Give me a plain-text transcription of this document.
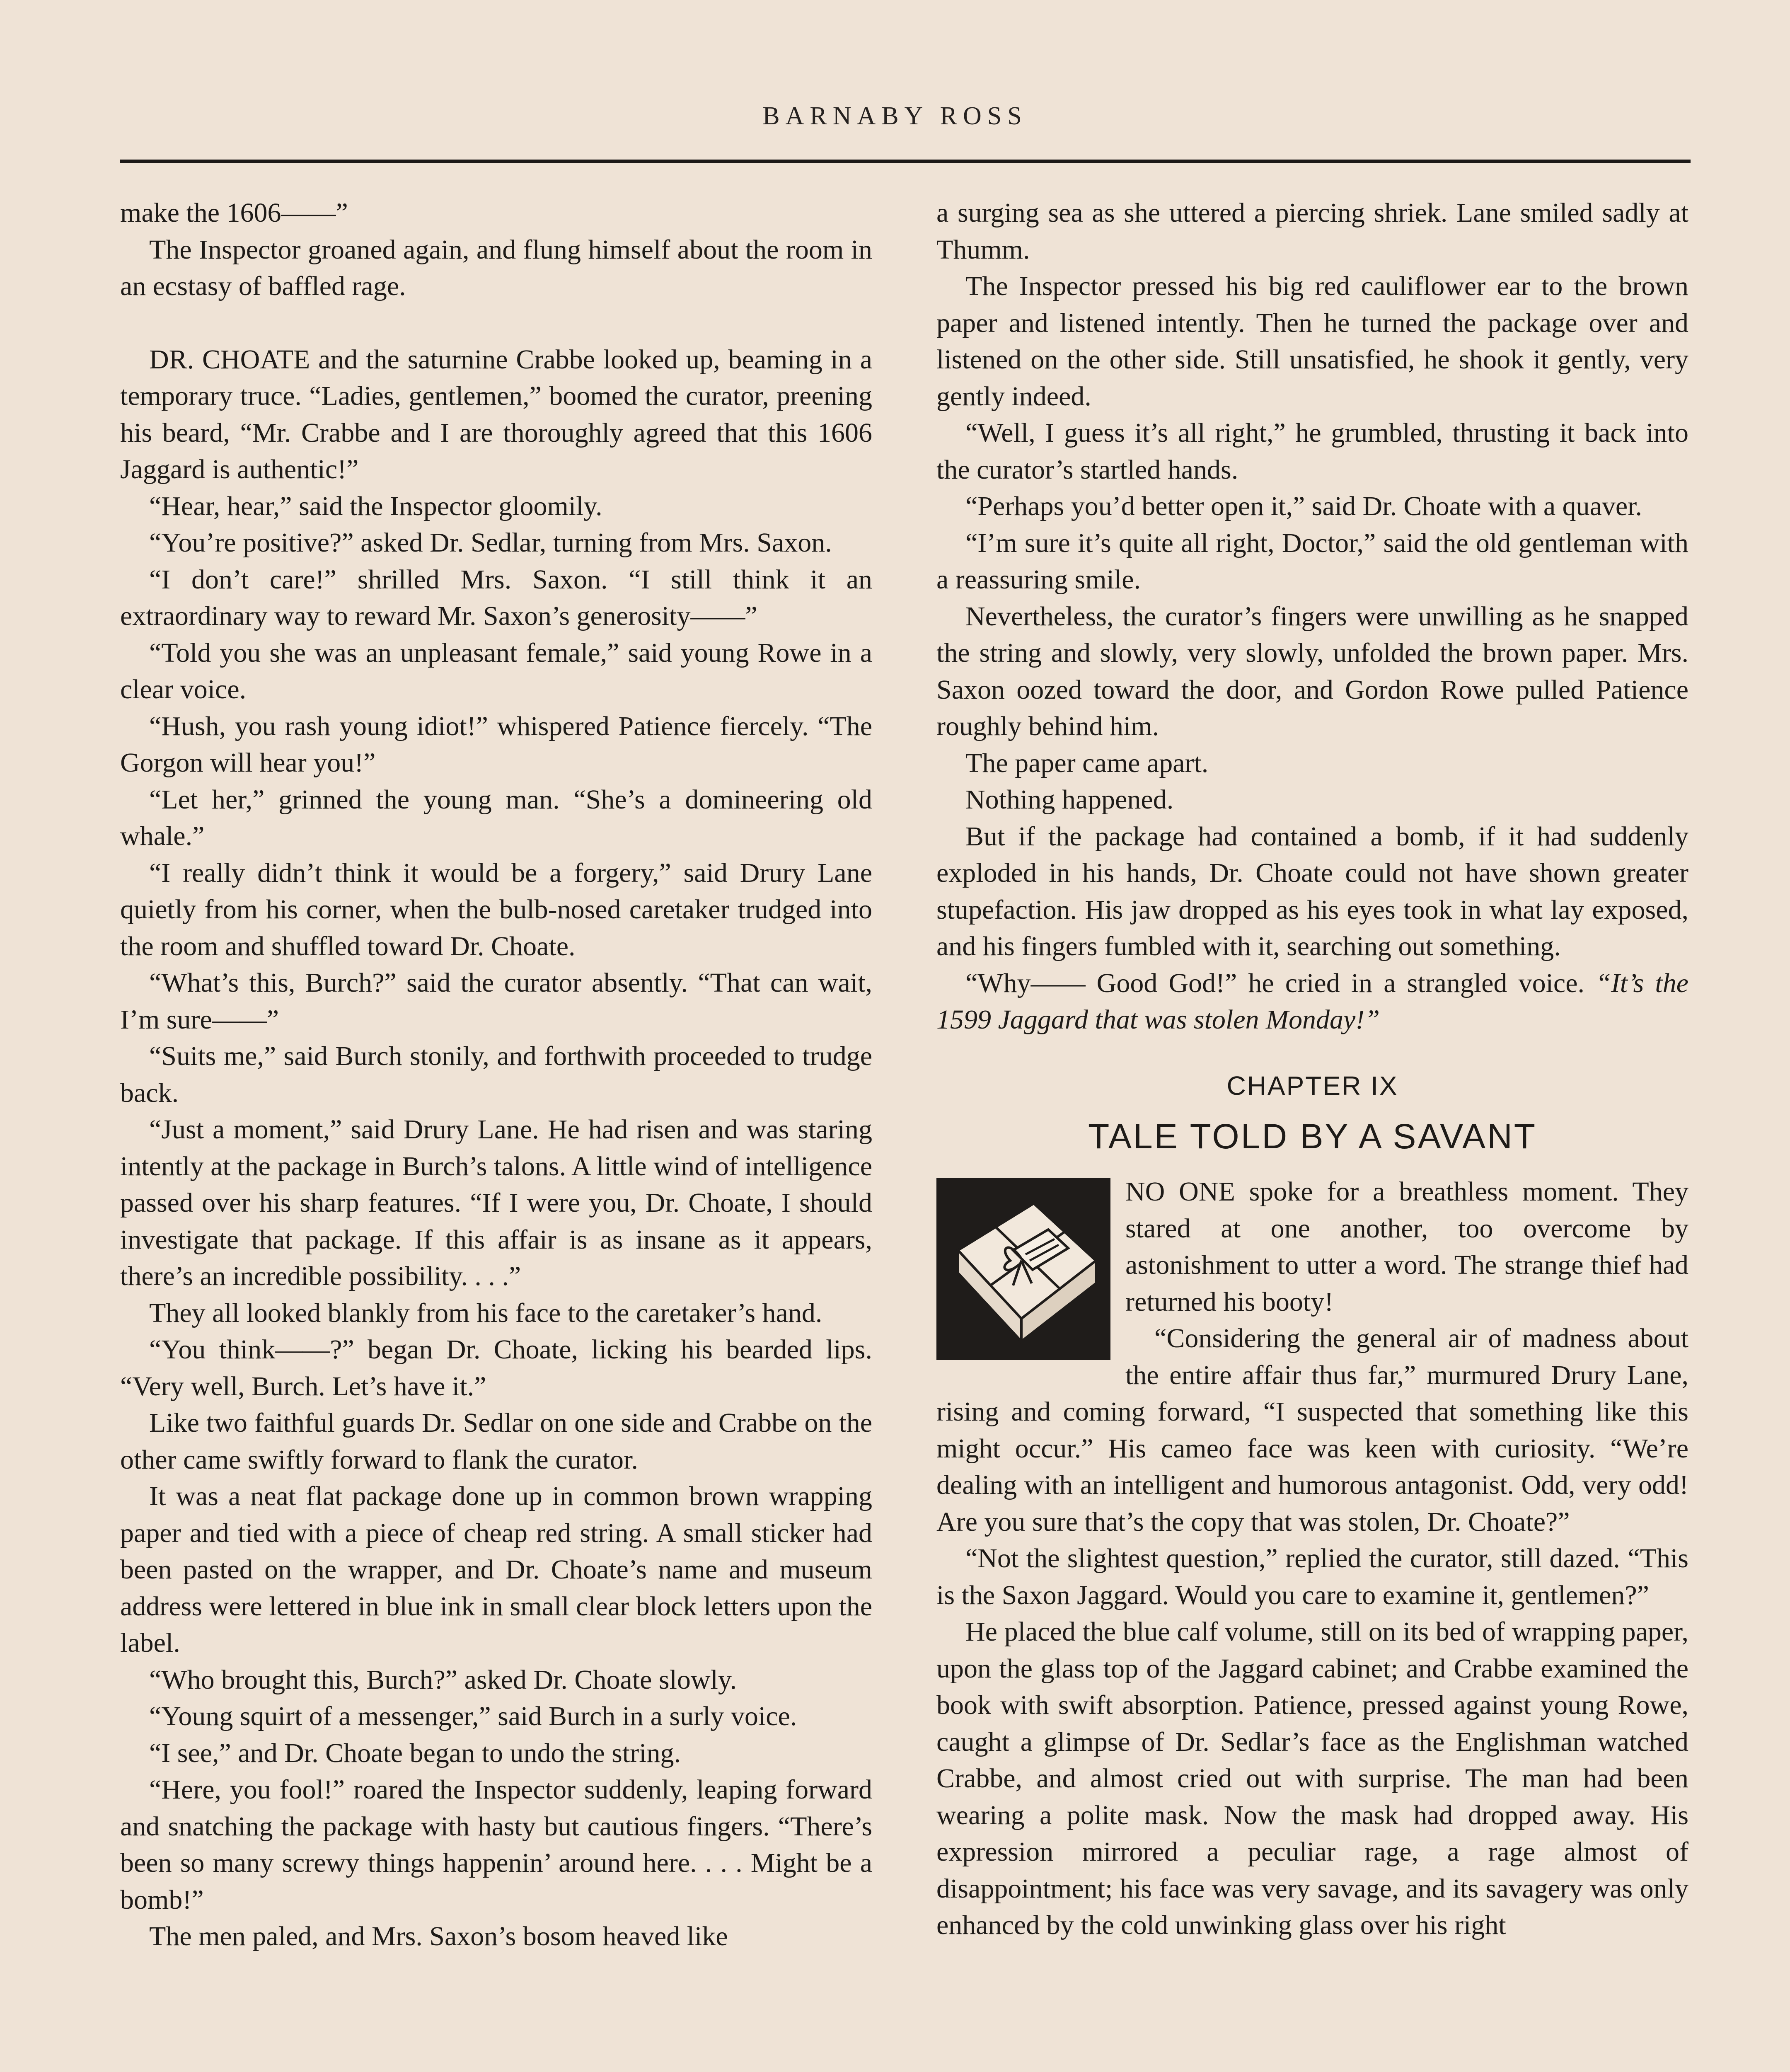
BARNABY ROSS

make the 1606——”

The Inspector groaned again, and flung himself about the room in an ecstasy of baffled rage.

DR. CHOATE and the saturnine Crabbe looked up, beaming in a temporary truce. “Ladies, gentlemen,” boomed the curator, preening his beard, “Mr. Crabbe and I are thoroughly agreed that this 1606 Jaggard is authentic!”

“Hear, hear,” said the Inspector gloomily.

“You’re positive?” asked Dr. Sedlar, turning from Mrs. Saxon.

“I don’t care!” shrilled Mrs. Saxon. “I still think it an extraordinary way to reward Mr. Saxon’s generosity——”

“Told you she was an unpleasant female,” said young Rowe in a clear voice.

“Hush, you rash young idiot!” whispered Patience fiercely. “The Gorgon will hear you!”

“Let her,” grinned the young man. “She’s a domineering old whale.”

“I really didn’t think it would be a forgery,” said Drury Lane quietly from his corner, when the bulb-nosed caretaker trudged into the room and shuffled toward Dr. Choate.

“What’s this, Burch?” said the curator absently. “That can wait, I’m sure——”

“Suits me,” said Burch stonily, and forthwith proceeded to trudge back.

“Just a moment,” said Drury Lane. He had risen and was staring intently at the package in Burch’s talons. A little wind of intelligence passed over his sharp features. “If I were you, Dr. Choate, I should investigate that package. If this affair is as insane as it appears, there’s an incredible possibility. . . .”

They all looked blankly from his face to the caretaker’s hand.

“You think——?” began Dr. Choate, licking his bearded lips. “Very well, Burch. Let’s have it.”

Like two faithful guards Dr. Sedlar on one side and Crabbe on the other came swiftly forward to flank the curator.

It was a neat flat package done up in common brown wrapping paper and tied with a piece of cheap red string. A small sticker had been pasted on the wrapper, and Dr. Choate’s name and museum address were lettered in blue ink in small clear block letters upon the label.

“Who brought this, Burch?” asked Dr. Choate slowly.

“Young squirt of a messenger,” said Burch in a surly voice.

“I see,” and Dr. Choate began to undo the string.

“Here, you fool!” roared the Inspector suddenly, leaping forward and snatching the package with hasty but cautious fingers. “There’s been so many screwy things happenin’ around here. . . . Might be a bomb!”

The men paled, and Mrs. Saxon’s bosom heaved like

a surging sea as she uttered a piercing shriek. Lane smiled sadly at Thumm.

The Inspector pressed his big red cauliflower ear to the brown paper and listened intently. Then he turned the package over and listened on the other side. Still unsatisfied, he shook it gently, very gently indeed.

“Well, I guess it’s all right,” he grumbled, thrusting it back into the curator’s startled hands.

“Perhaps you’d better open it,” said Dr. Choate with a quaver.

“I’m sure it’s quite all right, Doctor,” said the old gentleman with a reassuring smile.

Nevertheless, the curator’s fingers were unwilling as he snapped the string and slowly, very slowly, unfolded the brown paper. Mrs. Saxon oozed toward the door, and Gordon Rowe pulled Patience roughly behind him.

The paper came apart.

Nothing happened.

But if the package had contained a bomb, if it had suddenly exploded in his hands, Dr. Choate could not have shown greater stupefaction. His jaw dropped as his eyes took in what lay exposed, and his fingers fumbled with it, searching out something.

“Why—— Good God!” he cried in a strangled voice. “It’s the 1599 Jaggard that was stolen Monday!”

CHAPTER IX
TALE TOLD BY A SAVANT

NO ONE spoke for a breathless moment. They stared at one another, too overcome by astonishment to utter a word. The strange thief had returned his booty!

“Considering the general air of madness about the entire affair thus far,” murmured Drury Lane, rising and coming forward, “I suspected that something like this might occur.” His cameo face was keen with curiosity. “We’re dealing with an intelligent and humorous antagonist. Odd, very odd! Are you sure that’s the copy that was stolen, Dr. Choate?”

“Not the slightest question,” replied the curator, still dazed. “This is the Saxon Jaggard. Would you care to examine it, gentlemen?”

He placed the blue calf volume, still on its bed of wrapping paper, upon the glass top of the Jaggard cabinet; and Crabbe examined the book with swift absorption. Patience, pressed against young Rowe, caught a glimpse of Dr. Sedlar’s face as the Englishman watched Crabbe, and almost cried out with surprise. The man had been wearing a polite mask. Now the mask had dropped away. His expression mirrored a peculiar rage, a rage almost of disappointment; his face was very savage, and its savagery was only enhanced by the cold unwinking glass over his right
